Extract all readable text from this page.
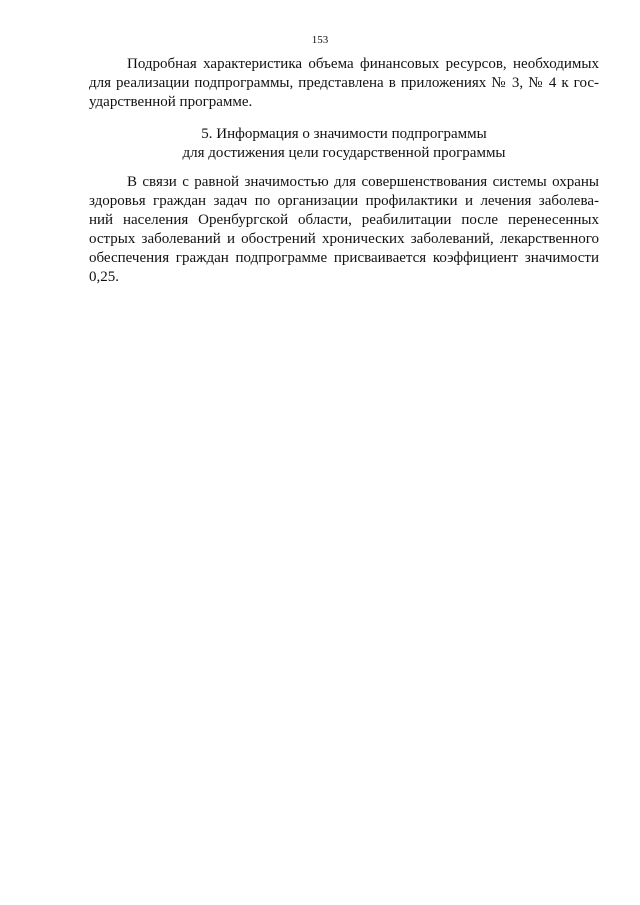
153
Подробная характеристика объема финансовых ресурсов, необходимых
для реализации подпрограммы, представлена в приложениях № 3, № 4 к гос-
ударственной программе.
5. Информация о значимости подпрограммы
для достижения цели государственной программы
В связи с равной значимостью для совершенствования системы охраны
здоровья граждан задач по организации профилактики и лечения заболева-
ний населения Оренбургской области, реабилитации после перенесенных
острых заболеваний и обострений хронических заболеваний, лекарственного
обеспечения граждан подпрограмме присваивается коэффициент значимости
0,25.
